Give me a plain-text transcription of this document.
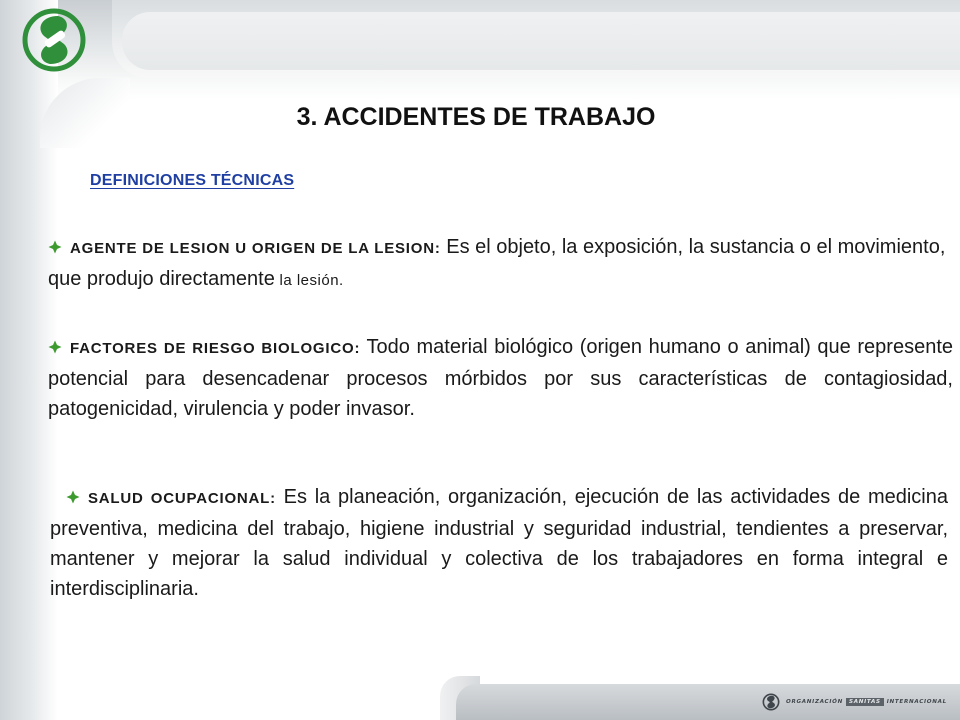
ORGANIZACIÓN	SANITAS	INTERNACIONAL
3. ACCIDENTES DE TRABAJO
DEFINICIONES TÉCNICAS

AGENTE DE LESION U ORIGEN DE LA LESION: Es el objeto, la exposición, la sustancia o el movimiento, que produjo directamente la lesión.

FACTORES DE RIESGO BIOLOGICO: Todo material biológico (origen humano o animal) que represente potencial para desencadenar procesos mórbidos por sus características de contagiosidad, patogenicidad, virulencia y poder invasor.

SALUD OCUPACIONAL: Es la planeación, organización, ejecución de las actividades de medicina preventiva, medicina del trabajo, higiene industrial y seguridad industrial, tendientes a preservar, mantener y mejorar la salud individual y colectiva de los trabajadores en forma integral e interdisciplinaria.
